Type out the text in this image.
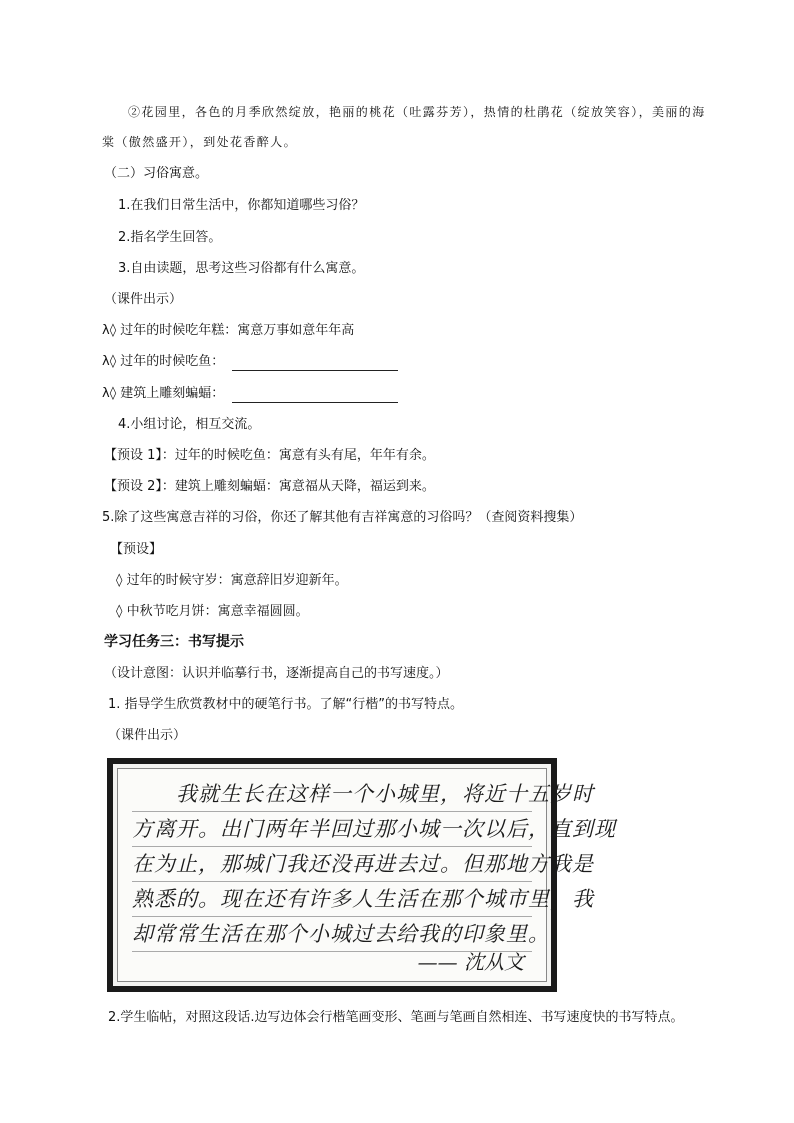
②花园里，各色的月季欣然绽放，艳丽的桃花（吐露芬芳），热情的杜鹃花（绽放笑容），美丽的海
棠（傲然盛开），到处花香醉人。
（二）习俗寓意。
1.在我们日常生活中，你都知道哪些习俗？
2.指名学生回答。
3.自由读题，思考这些习俗都有什么寓意。
（课件出示）
λ◊ 过年的时候吃年糕：寓意万事如意年年高
λ◊ 过年的时候吃鱼：
λ◊ 建筑上雕刻蝙蝠：
4.小组讨论，相互交流。
【预设 1】：过年的时候吃鱼：寓意有头有尾，年年有余。
【预设 2】：建筑上雕刻蝙蝠：寓意福从天降，福运到来。
5.除了这些寓意吉祥的习俗，你还了解其他有吉祥寓意的习俗吗？（查阅资料搜集）
【预设】
◊ 过年的时候守岁：寓意辞旧岁迎新年。
◊ 中秋节吃月饼：寓意幸福圆圆。
学习任务三：书写提示
（设计意图：认识并临摹行书，逐渐提高自己的书写速度。）
1. 指导学生欣赏教材中的硬笔行书。了解“行楷”的书写特点。
（课件出示）
　　我就生长在这样一个小城里，将近十五岁时
方离开。出门两年半回过那小城一次以后，直到现
在为止，那城门我还没再进去过。但那地方我是
熟悉的。现在还有许多人生活在那个城市里，我
却常常生活在那个小城过去给我的印象里。
—— 沈从文
2.学生临帖，对照这段话.边写边体会行楷笔画变形、笔画与笔画自然相连、书写速度快的书写特点。
